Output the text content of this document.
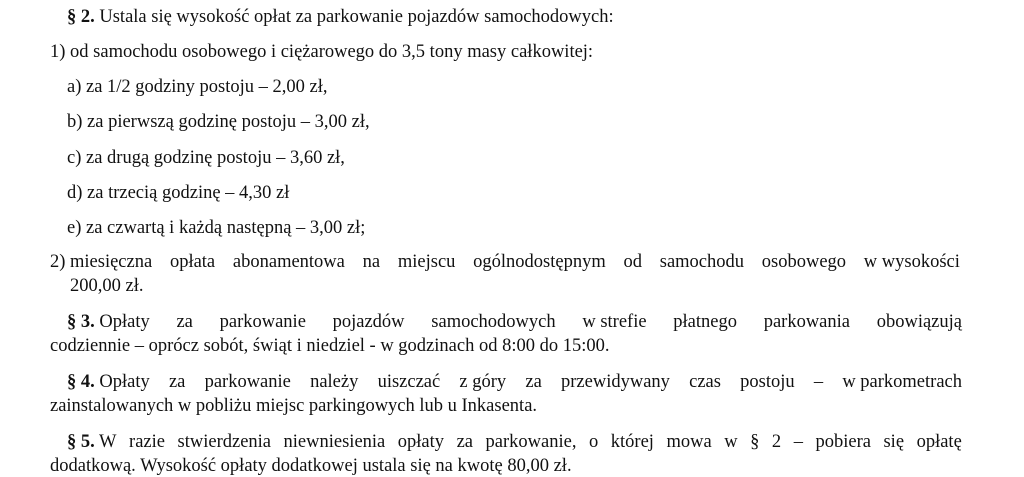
§ 2. Ustala się wysokość opłat za parkowanie pojazdów samochodowych:
1) od samochodu osobowego i ciężarowego do 3,5 tony masy całkowitej:
a) za 1/2 godziny postoju – 2,00 zł,
b) za pierwszą godzinę postoju – 3,00 zł,
c) za drugą godzinę postoju – 3,60 zł,
d) za trzecią godzinę – 4,30 zł
e) za czwartą i każdą następną – 3,00 zł;
2) miesięczna opłata abonamentowa na miejscu ogólnodostępnym od samochodu osobowego w wysokości
200,00 zł.
§ 3. Opłaty za parkowanie pojazdów samochodowych w strefie płatnego parkowania obowiązują
codziennie – oprócz sobót, świąt i niedziel - w godzinach od 8:00 do 15:00.
§ 4. Opłaty za parkowanie należy uiszczać z góry za przewidywany czas postoju – w parkometrach
zainstalowanych w pobliżu miejsc parkingowych lub u Inkasenta.
§ 5. W razie stwierdzenia niewniesienia opłaty za parkowanie, o której mowa w § 2 – pobiera się opłatę
dodatkową. Wysokość opłaty dodatkowej ustala się na kwotę 80,00 zł.
